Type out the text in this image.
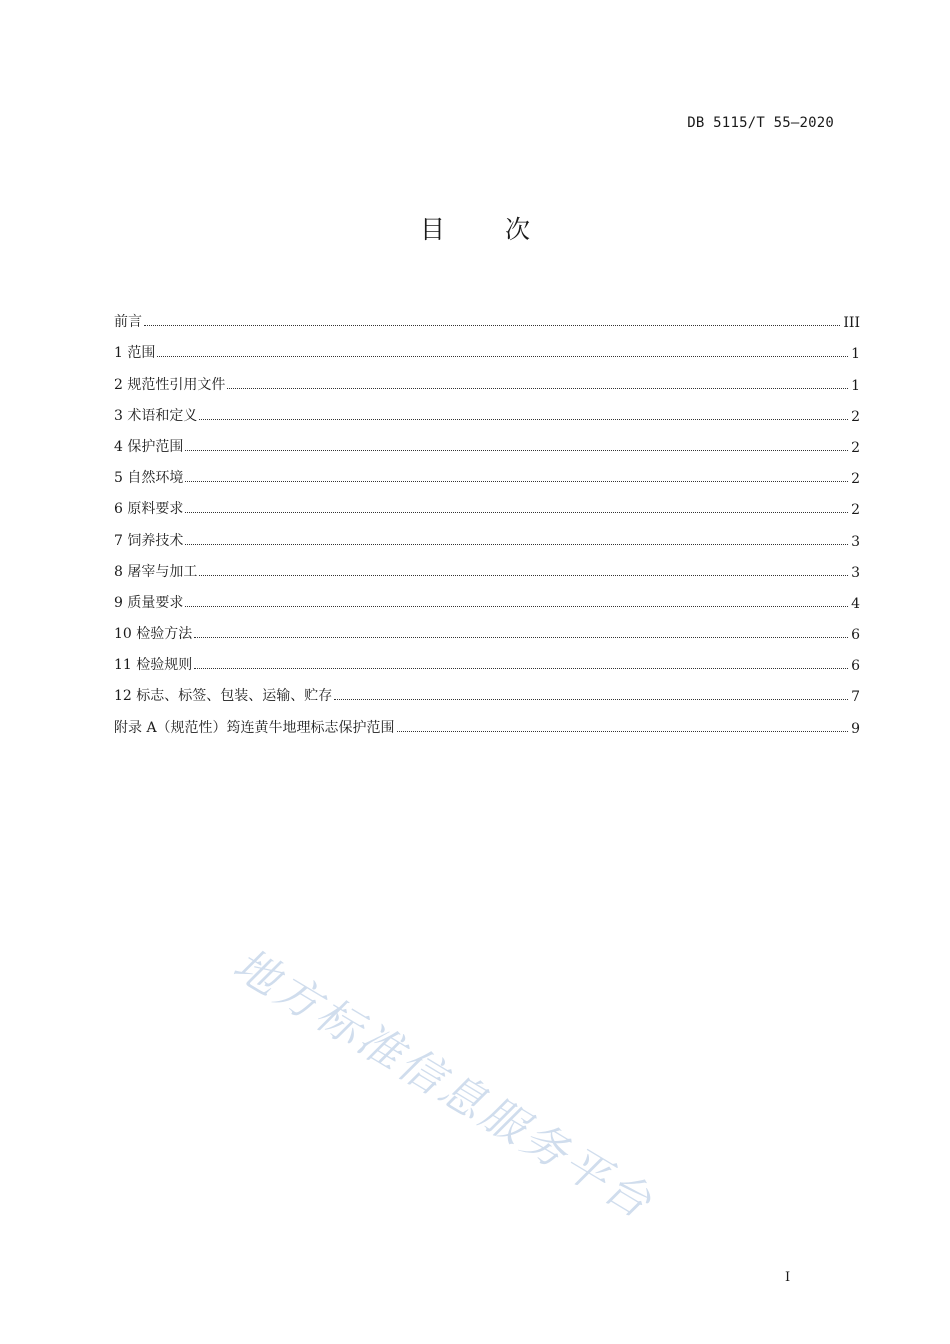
DB 5115/T 55—2020
目 次
前言	III
1 范围	1
2 规范性引用文件	1
3 术语和定义	2
4 保护范围	2
5 自然环境	2
6 原料要求	2
7 饲养技术	3
8 屠宰与加工	3
9 质量要求	4
10 检验方法	6
11 检验规则	6
12 标志、标签、包装、运输、贮存	7
附录 A（规范性）筠连黄牛地理标志保护范围	9
地方标准信息服务平台
I
